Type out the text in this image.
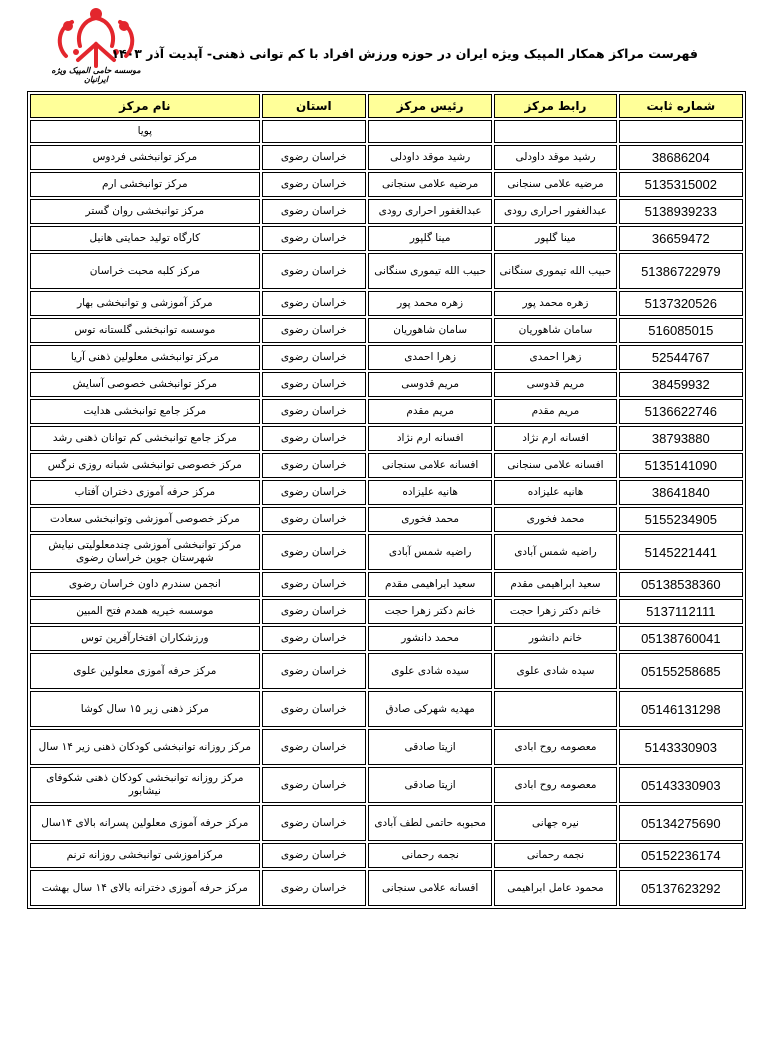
موسسه حامی المپیک ویژه ایرانیان
فهرست مراکز همکار المپیک ویژه ایران در حوزه ورزش افراد با کم توانی ذهنی- آپدیت آذر ۱۴۰۳
شماره ثابت	رابط مرکز	رئیس مرکز	استان	نام مرکز
				پویا
38686204	رشید موقد داودلی	رشید موقد داودلی	خراسان رضوی	مرکز توانبخشی فردوس
5135315002	مرضیه علامی سنجانی	مرضیه علامی سنجانی	خراسان رضوی	مرکز توانبخشی ارم
5138939233	عبدالغفور احراری رودی	عبدالغفور احراری رودی	خراسان رضوی	مرکز توانبخشی روان گستر
36659472	مینا گلپور	مینا گلپور	خراسان رضوی	کارگاه تولید حمایتی هانیل
51386722979	حبیب الله تیموری سنگانی	حبیب الله تیموری سنگانی	خراسان رضوی	مرکز کلبه محبت خراسان
5137320526	زهره محمد پور	زهره محمد پور	خراسان رضوی	مرکز آموزشی و توانبخشی بهار
516085015	سامان شاهوریان	سامان شاهوریان	خراسان رضوی	موسسه توانبخشی گلستانه توس
52544767	زهرا احمدی	زهرا احمدی	خراسان رضوی	مرکز توانبخشی معلولین ذهنی آریا
38459932	مریم قدوسی	مریم قدوسی	خراسان رضوی	مرکز توانبخشی خصوصی آسایش
5136622746	مریم مقدم	مریم مقدم	خراسان رضوی	مرکز جامع توانبخشی هدایت
38793880	افسانه ارم نژاد	افسانه ارم نژاد	خراسان رضوی	مرکز جامع توانبخشی کم توانان ذهنی رشد
5135141090	افسانه علامی سنجانی	افسانه علامی سنجانی	خراسان رضوی	مرکز خصوصی توانبخشی شبانه روزی نرگس
38641840	هانیه علیزاده	هانیه علیزاده	خراسان رضوی	مرکز حرفه آموزی دختران آفتاب
5155234905	محمد فخوری	محمد فخوری	خراسان رضوی	مرکز خصوصی آموزشی وتوانبخشی سعادت
5145221441	راضیه شمس آبادی	راضیه شمس آبادی	خراسان رضوی	مرکز توانبخشی آموزشی چندمعلولیتی نیایش شهرستان جوین خراسان رضوی
05138538360	سعید ابراهیمی مقدم	سعید ابراهیمی مقدم	خراسان رضوی	انجمن سندرم داون خراسان رضوی
5137112111	خانم دکتر زهرا حجت	خانم دکتر زهرا حجت	خراسان رضوی	موسسه خیریه همدم فتح المبین
05138760041	خانم دانشور	محمد دانشور	خراسان رضوی	ورزشکاران افتخارآفرین توس
05155258685	سیده شادی علوی	سیده شادی علوی	خراسان رضوی	مرکز حرفه آموزی معلولین علوی
05146131298		مهدیه شهرکی صادق	خراسان رضوی	مرکز ذهنی زیر ۱۵ سال کوشا
5143330903	معصومه روح ابادی	ازیتا صادقی	خراسان رضوی	مرکز روزانه توانبخشی کودکان ذهنی زیر ۱۴ سال
05143330903	معصومه روح ابادی	ازیتا صادقی	خراسان رضوی	مرکز روزانه توانبخشی کودکان ذهنی شکوفای نیشابور
05134275690	نیره جهانی	محبوبه حاتمی لطف آبادی	خراسان رضوی	مرکز حرفه آموزی معلولین پسرانه بالای ۱۴سال
05152236174	نجمه رحمانی	نجمه رحمانی	خراسان رضوی	مرکزاموزشی توانبخشی روزانه ترنم
05137623292	محمود عامل ابراهیمی	افسانه علامی سنجانی	خراسان رضوی	مرکز حرفه آموزی دخترانه بالای ۱۴ سال بهشت
